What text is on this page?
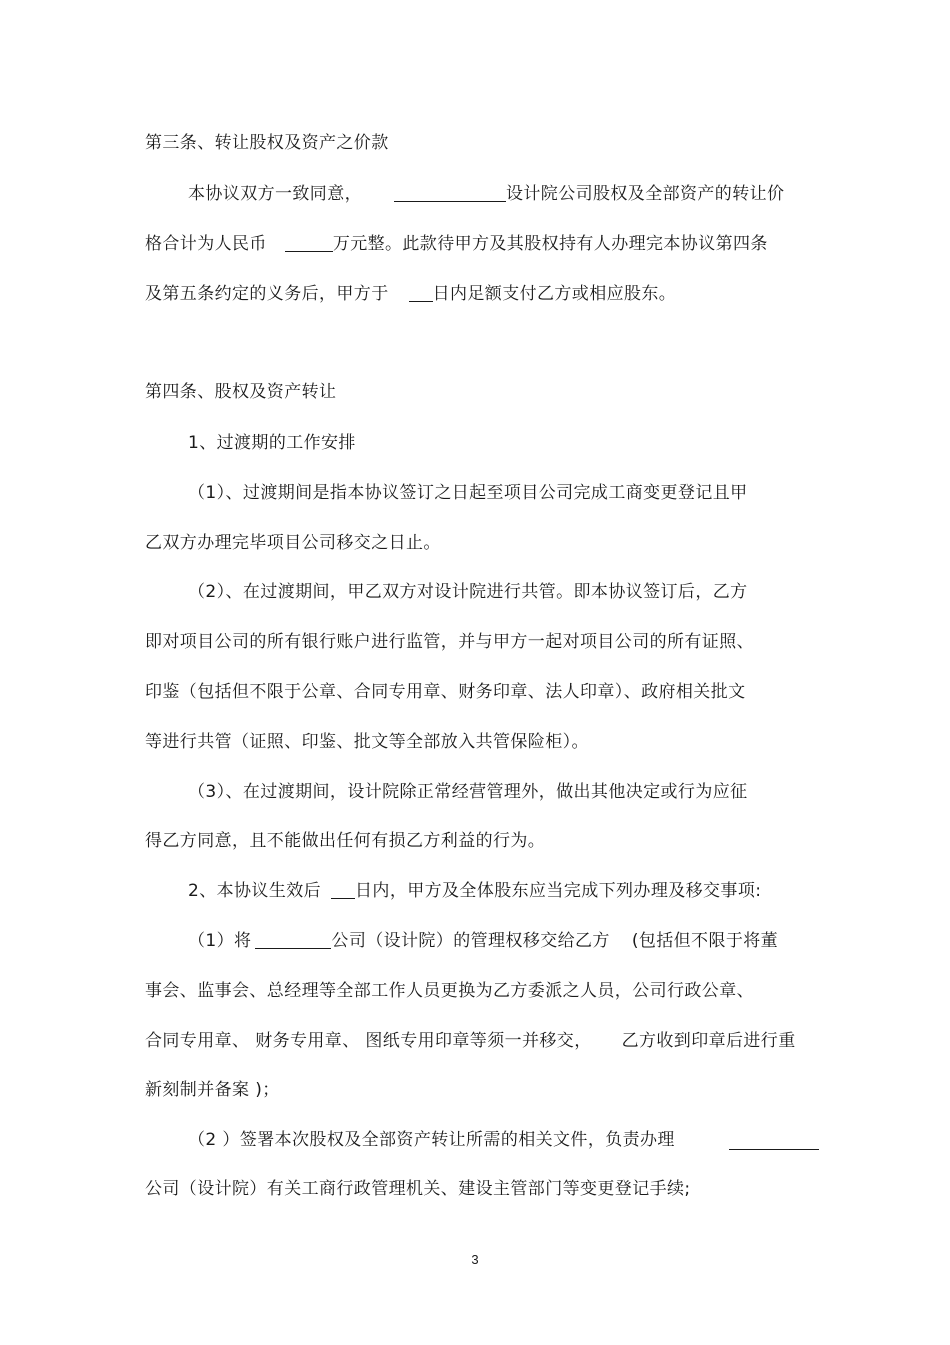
第三条、转让股权及资产之价款
本协议双方一致同意，	设计院公司股权及全部资产的转让价
格合计为人民币	万元整。此款待甲方及其股权持有人办理完本协议第四条
及第五条约定的义务后，甲方于	日内足额支付乙方或相应股东。
第四条、股权及资产转让
1、过渡期的工作安排
（1）、过渡期间是指本协议签订之日起至项目公司完成工商变更登记且甲
乙双方办理完毕项目公司移交之日止。
（2）、在过渡期间，甲乙双方对设计院进行共管。即本协议签订后，乙方
即对项目公司的所有银行账户进行监管，并与甲方一起对项目公司的所有证照、
印鉴（包括但不限于公章、合同专用章、财务印章、法人印章）、政府相关批文
等进行共管（证照、印鉴、批文等全部放入共管保险柜）。
（3）、在过渡期间，设计院除正常经营管理外，做出其他决定或行为应征
得乙方同意，且不能做出任何有损乙方利益的行为。
2、本协议生效后 日内，甲方及全体股东应当完成下列办理及移交事项:
（1）将	公司（设计院）的管理权移交给乙方 (包括但不限于将董
事会、监事会、总经理等全部工作人员更换为乙方委派之人员，公司行政公章、
合同专用章、 财务专用章、 图纸专用印章等须一并移交， 乙方收到印章后进行重
新刻制并备案 )；
（2 ）签署本次股权及全部资产转让所需的相关文件，负责办理
公司（设计院）有关工商行政管理机关、建设主管部门等变更登记手续;
3
